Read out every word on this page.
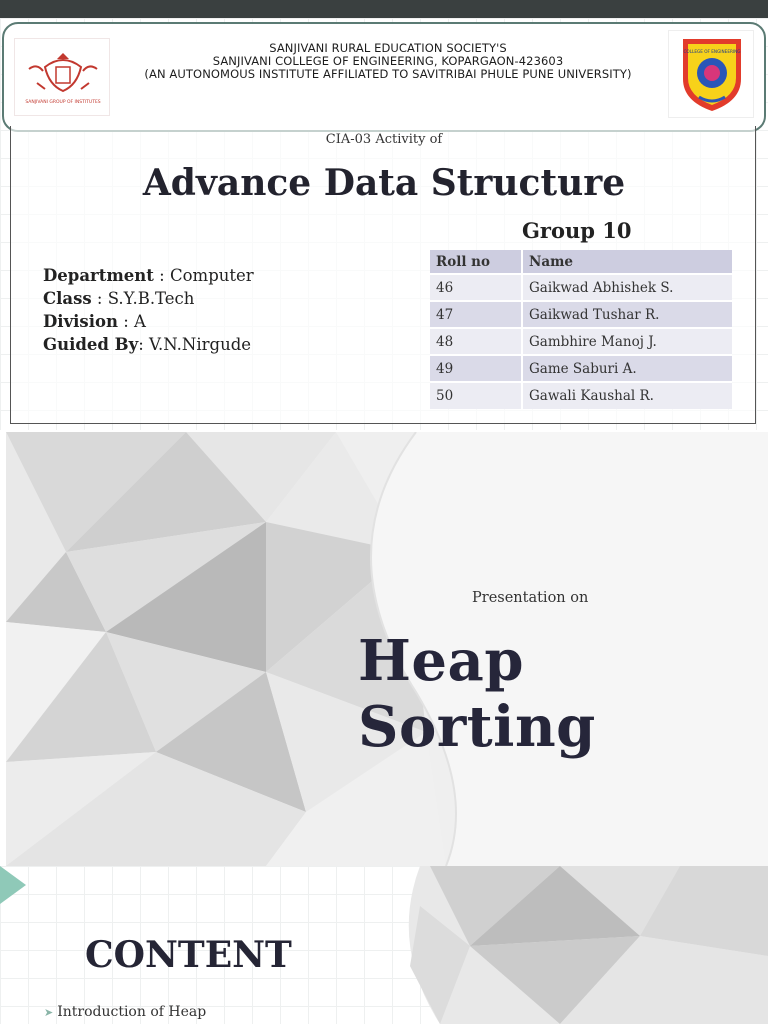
SANJIVANI GROUP OF INSTITUTES
SANJIVANI RURAL EDUCATION SOCIETY'S
SANJIVANI COLLEGE OF ENGINEERING, KOPARGAON-423603
(AN AUTONOMOUS INSTITUTE AFFILIATED TO SAVITRIBAI PHULE PUNE UNIVERSITY)
COLLEGE OF ENGINEERING
CIA-03 Activity of
Advance Data Structure
Group 10
Department : Computer
Class : S.Y.B.Tech
Division : A
Guided By: V.N.Nirgude
Roll no	Name
46	Gaikwad Abhishek S.
47	Gaikwad Tushar R.
48	Gambhire Manoj J.
49	Game Saburi A.
50	Gawali Kaushal R.
Presentation on
Heap Sorting
CONTENT
➤ Introduction of Heap
